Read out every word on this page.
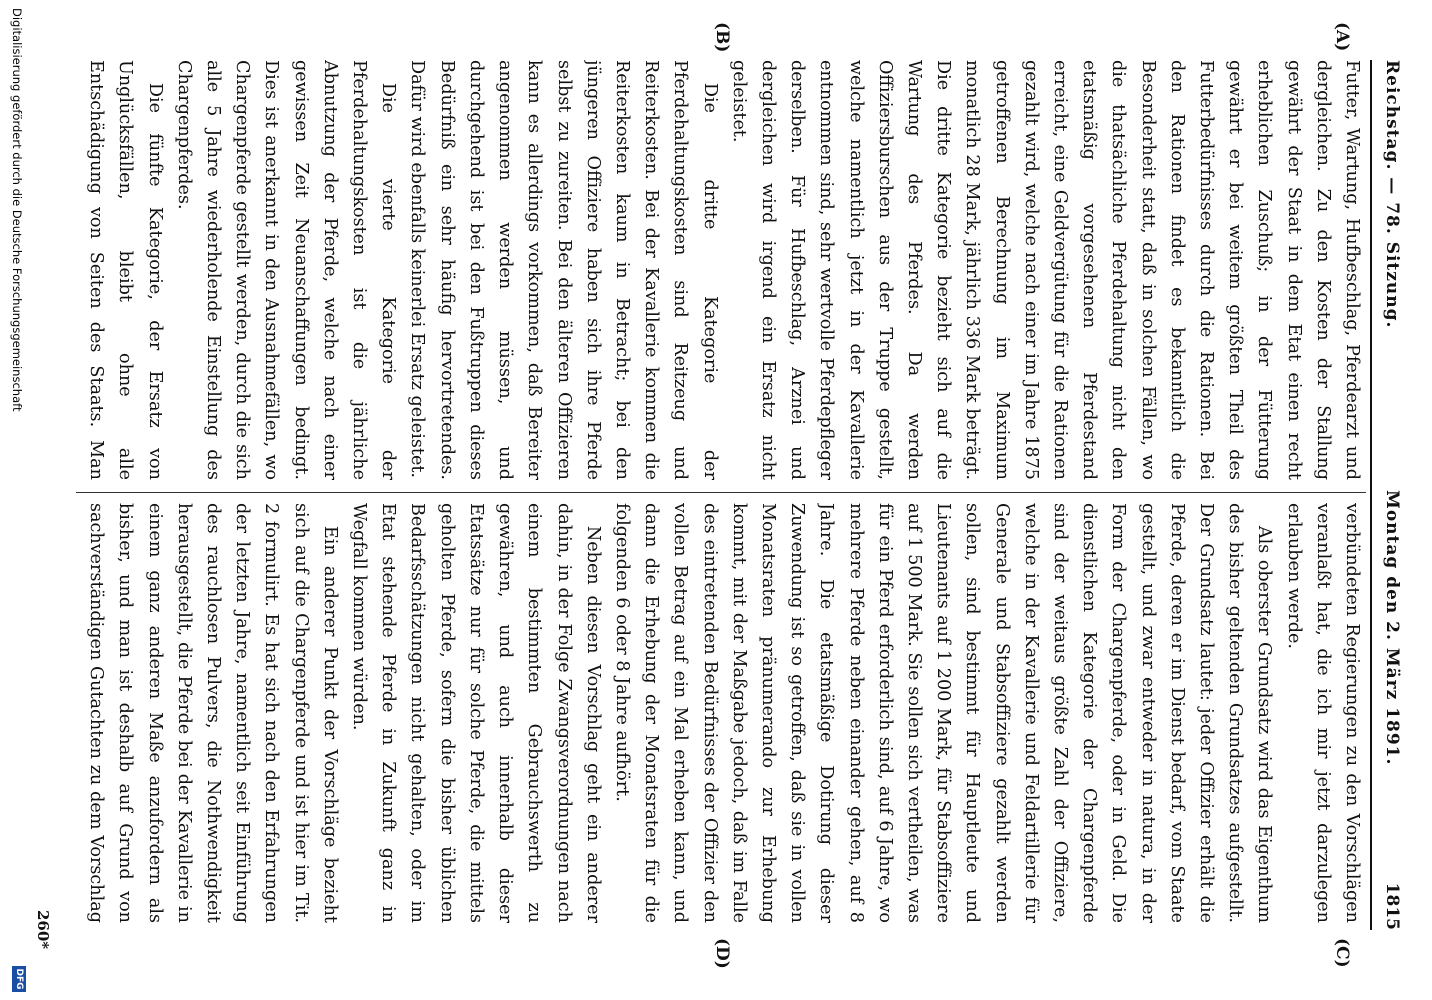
Reichstag. — 78. Sitzung.
Montag den 2. März 1891.
1815
(A)
(B)
(C)
(D)

Futter, Wartung, Hufbeschlag, Pferdearzt und dergleichen. Zu den Kosten der Stallung gewährt der Staat in dem Etat einen recht erheblichen Zuschuß; in der Fütterung gewährt er bei weitem größten Theil des Futterbedürfnisses durch die Rationen. Bei den Rationen findet es bekanntlich die Besonderheit statt, daß in solchen Fällen, wo die thatsächliche Pferdehaltung nicht den etatsmäßig vorgesehenen Pferdestand erreicht, eine Geldvergütung für die Rationen gezahlt wird, welche nach einer im Jahre 1875 getroffenen Berechnung im Maximum monatlich 28 Mark, jährlich 336 Mark beträgt. Die dritte Kategorie bezieht sich auf die Wartung des Pferdes. Da werden Offiziersburschen aus der Truppe gestellt, welche namentlich jetzt in der Kavallerie entnommen sind, sehr wertvolle Pferdepfleger derselben. Für Hufbeschlag, Arznei und dergleichen wird irgend ein Ersatz nicht geleistet.

Die dritte Kategorie der Pferdehaltungskosten sind Reitzeug und Reiterkosten. Bei der Kavallerie kommen die Reiterkosten kaum in Betracht; bei den jüngeren Offiziere haben sich ihre Pferde selbst zu zureiten. Bei den älteren Offizieren kann es allerdings vorkommen, daß Bereiter angenommen werden müssen, und durchgehend ist bei den Fußtruppen dieses Bedürfniß ein sehr häufig hervortretendes. Dafür wird ebenfalls keinerlei Ersatz geleistet.

Die vierte Kategorie der Pferdehaltungskosten ist die jährliche Abnutzung der Pferde, welche nach einer gewissen Zeit Neuanschaffungen bedingt. Dies ist anerkannt in den Ausnahmefällen, wo Chargenpferde gestellt werden, durch die sich alle 5 Jahre wiederholende Einstellung des Chargenpferdes.

Die fünfte Kategorie, der Ersatz von Unglücksfällen, bleibt ohne alle Entschädigung von Seiten des Staats. Man

verbündeten Regierungen zu den Vorschlägen veranlaßt hat, die ich mir jetzt darzulegen erlauben werde.

Als oberster Grundsatz wird das Eigenthum des bisher geltenden Grundsatzes aufgestellt. Der Grundsatz lautet: jeder Offizier erhält die Pferde, deren er im Dienst bedarf, vom Staate gestellt, und zwar entweder in natura, in der Form der Chargenpferde, oder in Geld. Die dienstlichen Kategorie der Chargenpferde sind der weitaus größte Zahl der Offiziere, welche in der Kavallerie und Feldartillerie für Generale und Stabsoffiziere gezahlt werden sollen, sind bestimmt für Hauptleute und Lieutenants auf 1 200 Mark, für Stabsoffiziere auf 1 500 Mark. Sie sollen sich vertheilen, was für ein Pferd erforderlich sind, auf 6 Jahre, wo mehrere Pferde neben einander gehen, auf 8 Jahre. Die etatsmäßige Dotirung dieser Zuwendung ist so getroffen, daß sie in vollen Monatsraten pränumerando zur Erhebung kommt, mit der Maßgabe jedoch, daß im Falle des eintretenden Bedürfnisses der Offizier den vollen Betrag auf ein Mal erheben kann, und dann die Erhebung der Monatsraten für die folgenden 6 oder 8 Jahre aufhört.

Neben diesen Vorschlag geht ein anderer dahin, in der Folge Zwangsverordnungen nach einem bestimmten Gebrauchswerth zu gewähren, und auch innerhalb dieser Etatssätze nur für solche Pferde, die mittels geholten Pferde, sofern die bisher üblichen Bedarfsschätzungen nicht gehalten, oder im Etat stehende Pferde in Zukunft ganz in Wegfall kommen würden.

Ein anderer Punkt der Vorschläge bezieht sich auf die Chargenpferde und ist hier im Tit. 2 formulirt. Es hat sich nach den Erfahrungen der letzten Jahre, namentlich seit Einführung des rauchlosen Pulvers, die Nothwendigkeit herausgestellt, die Pferde bei der Kavallerie in einem ganz anderen Maße anzufordern als bisher, und man ist deshalb auf Grund von sachverständigen Gutachten zu dem Vorschlag

260*
Digitalisierung gefördert durch die Deutsche Forschungsgemeinschaft
DFG
